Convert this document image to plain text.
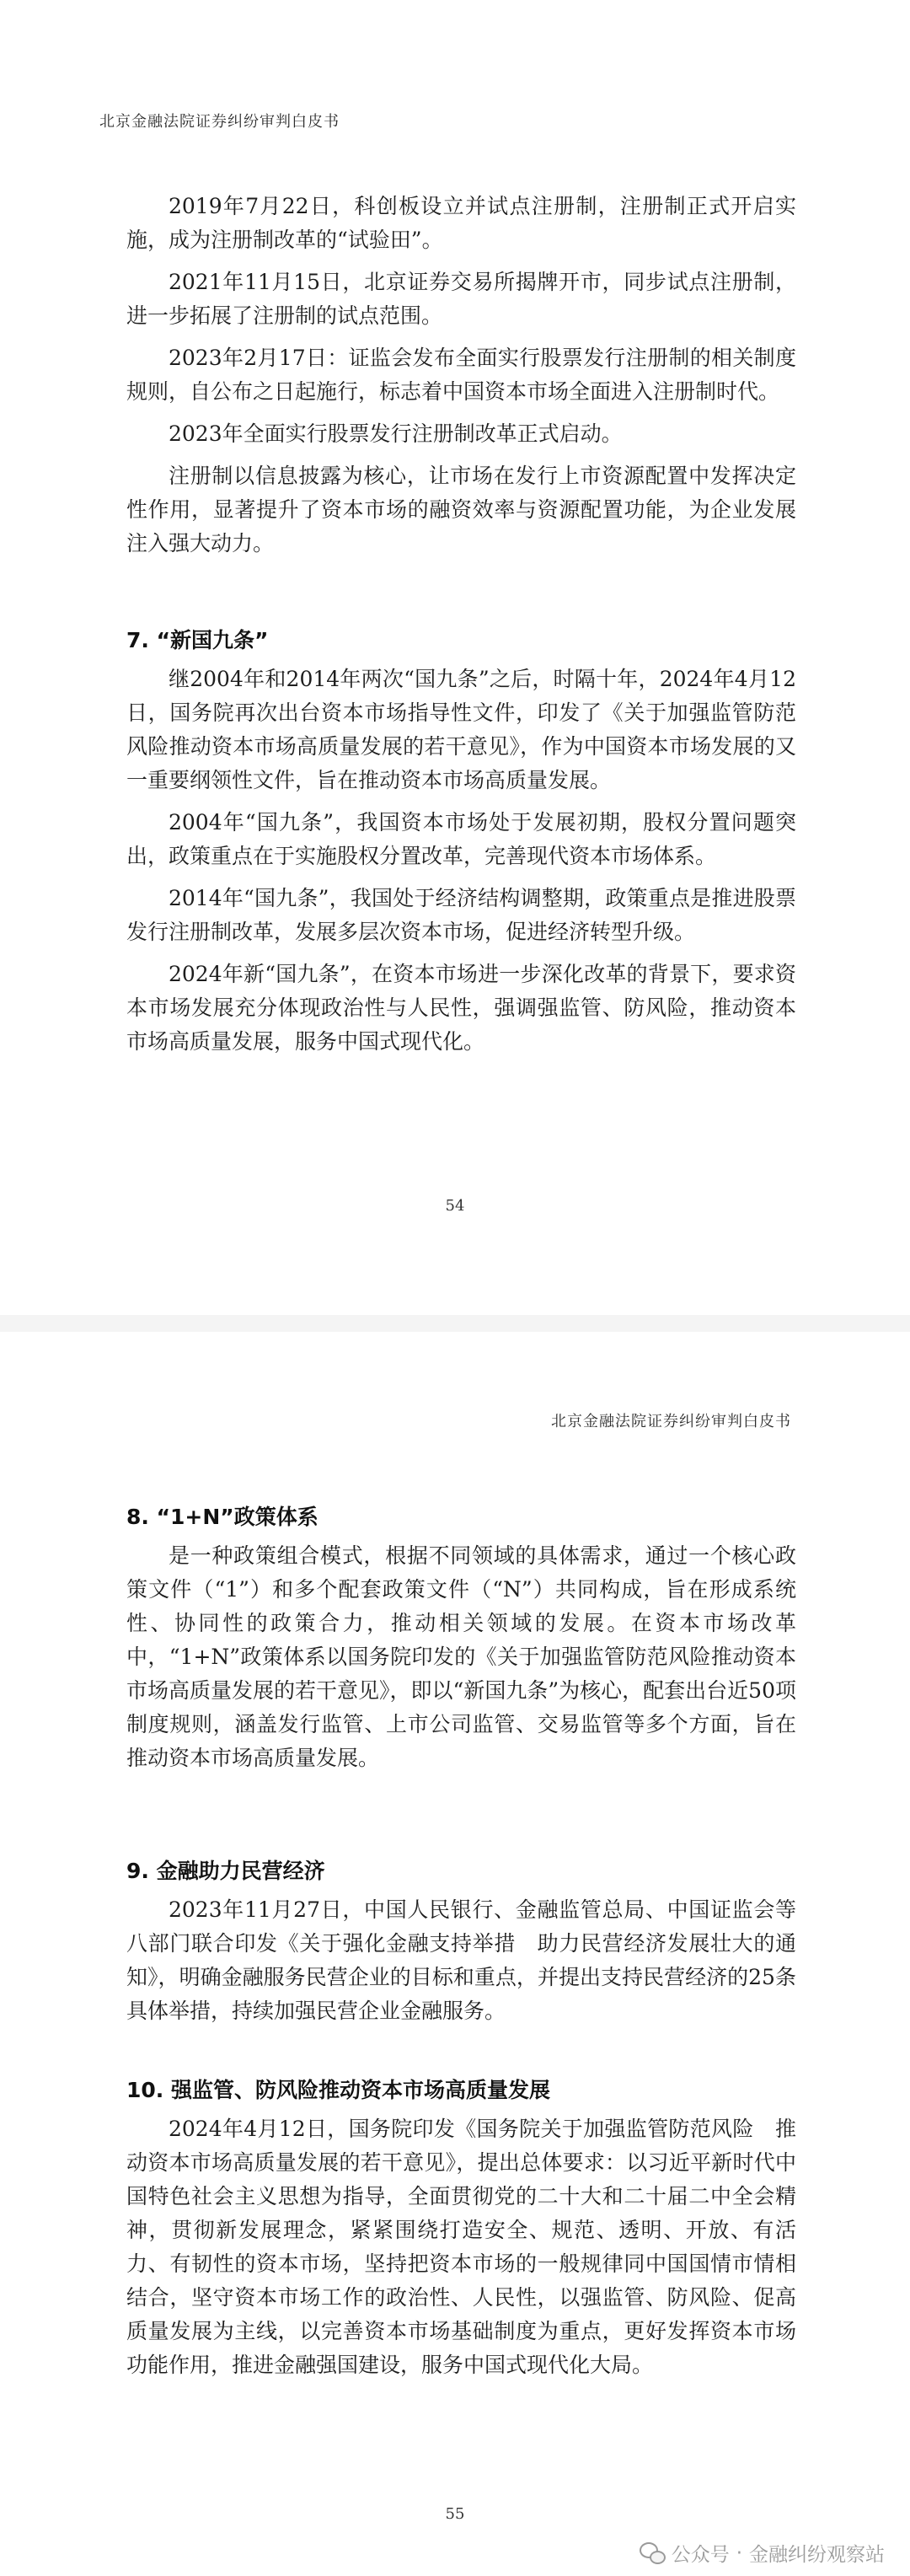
北京金融法院证券纠纷审判白皮书

2019年7月22日，科创板设立并试点注册制，注册制正式开启实施，成为注册制改革的“试验田”。

2021年11月15日，北京证券交易所揭牌开市，同步试点注册制，进一步拓展了注册制的试点范围。

2023年2月17日：证监会发布全面实行股票发行注册制的相关制度规则，自公布之日起施行，标志着中国资本市场全面进入注册制时代。

2023年全面实行股票发行注册制改革正式启动。

注册制以信息披露为核心，让市场在发行上市资源配置中发挥决定性作用，显著提升了资本市场的融资效率与资源配置功能，为企业发展注入强大动力。

7. “新国九条”

继2004年和2014年两次“国九条”之后，时隔十年，2024年4月12日，国务院再次出台资本市场指导性文件，印发了《关于加强监管防范风险推动资本市场高质量发展的若干意见》，作为中国资本市场发展的又一重要纲领性文件，旨在推动资本市场高质量发展。

2004年“国九条”，我国资本市场处于发展初期，股权分置问题突出，政策重点在于实施股权分置改革，完善现代资本市场体系。

2014年“国九条”，我国处于经济结构调整期，政策重点是推进股票发行注册制改革，发展多层次资本市场，促进经济转型升级。

2024年新“国九条”，在资本市场进一步深化改革的背景下，要求资本市场发展充分体现政治性与人民性，强调强监管、防风险，推动资本市场高质量发展，服务中国式现代化。

54
北京金融法院证券纠纷审判白皮书
8. “1+N”政策体系

是一种政策组合模式，根据不同领域的具体需求，通过一个核心政策文件（“1”）和多个配套政策文件（“N”）共同构成，旨在形成系统性、协同性的政策合力，推动相关领域的发展。在资本市场改革中，“1+N”政策体系以国务院印发的《关于加强监管防范风险推动资本市场高质量发展的若干意见》，即以“新国九条”为核心，配套出台近50项制度规则，涵盖发行监管、上市公司监管、交易监管等多个方面，旨在推动资本市场高质量发展。

9. 金融助力民营经济

2023年11月27日，中国人民银行、金融监管总局、中国证监会等八部门联合印发《关于强化金融支持举措　助力民营经济发展壮大的通知》，明确金融服务民营企业的目标和重点，并提出支持民营经济的25条具体举措，持续加强民营企业金融服务。

10. 强监管、防风险推动资本市场高质量发展

2024年4月12日，国务院印发《国务院关于加强监管防范风险　推动资本市场高质量发展的若干意见》，提出总体要求：以习近平新时代中国特色社会主义思想为指导，全面贯彻党的二十大和二十届二中全会精神，贯彻新发展理念，紧紧围绕打造安全、规范、透明、开放、有活力、有韧性的资本市场，坚持把资本市场的一般规律同中国国情市情相结合，坚守资本市场工作的政治性、人民性，以强监管、防风险、促高质量发展为主线，以完善资本市场基础制度为重点，更好发挥资本市场功能作用，推进金融强国建设，服务中国式现代化大局。

55
公众号 · 金融纠纷观察站
